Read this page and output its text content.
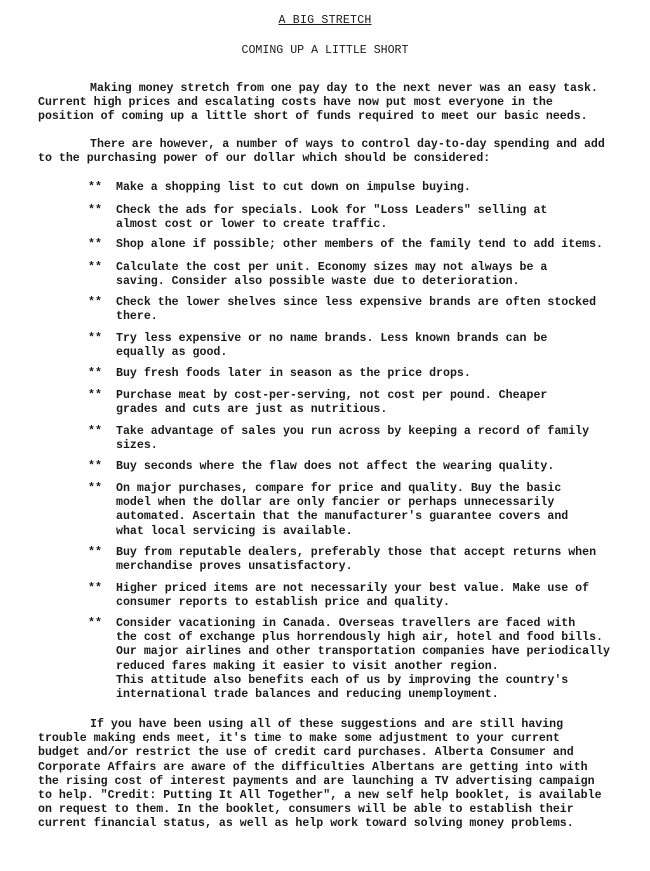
A BIG STRETCH
COMING UP A LITTLE SHORT

Making money stretch from one pay day to the next never was an easy task.
Current high prices and escalating costs have now put most everyone in the
position of coming up a little short of funds required to meet our basic needs.

There are however, a number of ways to control day-to-day spending and add
to the purchasing power of our dollar which should be considered:

** Make a shopping list to cut down on impulse buying.
** Check the ads for specials. Look for "Loss Leaders" selling at
almost cost or lower to create traffic.
** Shop alone if possible; other members of the family tend to add items.
** Calculate the cost per unit. Economy sizes may not always be a
saving. Consider also possible waste due to deterioration.
** Check the lower shelves since less expensive brands are often stocked
there.
** Try less expensive or no name brands. Less known brands can be
equally as good.
** Buy fresh foods later in season as the price drops.
** Purchase meat by cost-per-serving, not cost per pound. Cheaper
grades and cuts are just as nutritious.
** Take advantage of sales you run across by keeping a record of family
sizes.
** Buy seconds where the flaw does not affect the wearing quality.
** On major purchases, compare for price and quality. Buy the basic
model when the dollar are only fancier or perhaps unnecessarily
automated. Ascertain that the manufacturer's guarantee covers and
what local servicing is available.
** Buy from reputable dealers, preferably those that accept returns when
merchandise proves unsatisfactory.
** Higher priced items are not necessarily your best value. Make use of
consumer reports to establish price and quality.
** Consider vacationing in Canada. Overseas travellers are faced with
the cost of exchange plus horrendously high air, hotel and food bills.
Our major airlines and other transportation companies have periodically
reduced fares making it easier to visit another region.
This attitude also benefits each of us by improving the country's
international trade balances and reducing unemployment.

If you have been using all of these suggestions and are still having
trouble making ends meet, it's time to make some adjustment to your current
budget and/or restrict the use of credit card purchases. Alberta Consumer and
Corporate Affairs are aware of the difficulties Albertans are getting into with
the rising cost of interest payments and are launching a TV advertising campaign
to help. "Credit: Putting It All Together", a new self help booklet, is available
on request to them. In the booklet, consumers will be able to establish their
current financial status, as well as help work toward solving money problems.
